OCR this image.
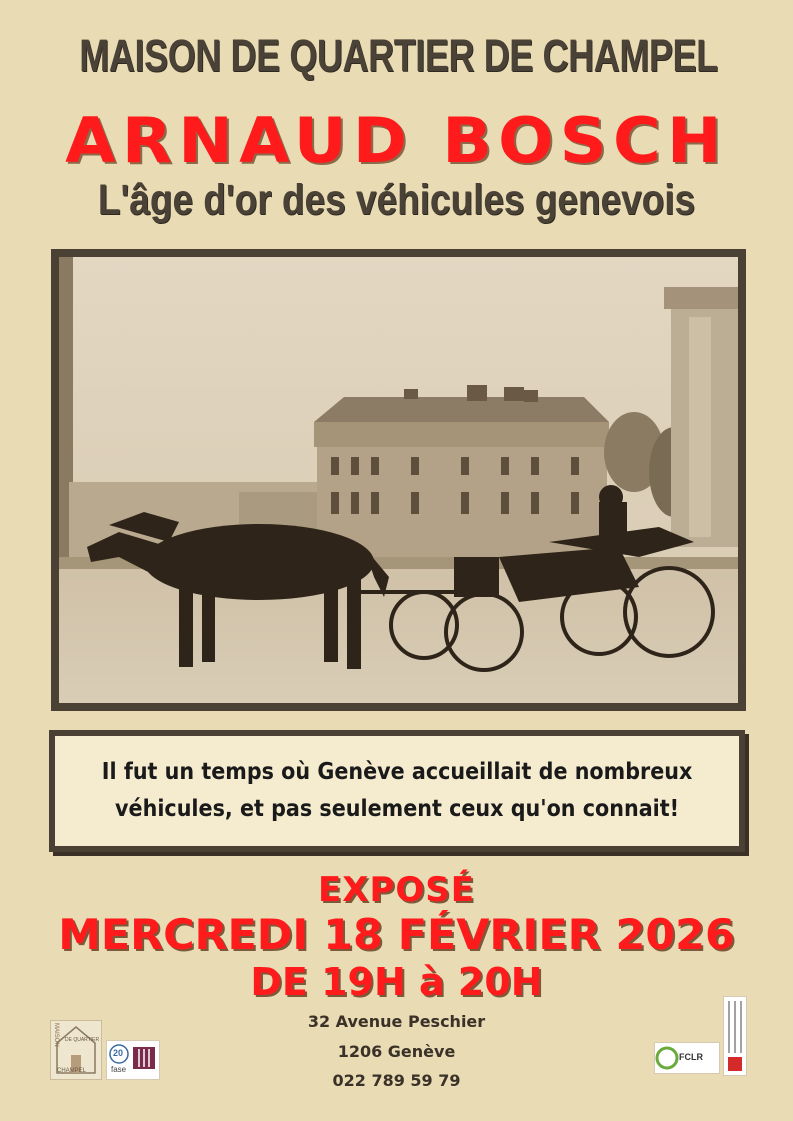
MAISON DE QUARTIER DE CHAMPEL
ARNAUD BOSCH
L'âge d'or des véhicules genevois
Il fut un temps où Genève accueillait de nombreux
véhicules, et pas seulement ceux qu'on connait!
EXPOSÉ
MERCREDI 18 FÉVRIER 2026
DE 19H à 20H
32 Avenue Peschier
1206 Genève
022 789 59 79
MAISON DE QUARTIER
CHAMPEL
20
fase
FCLR
